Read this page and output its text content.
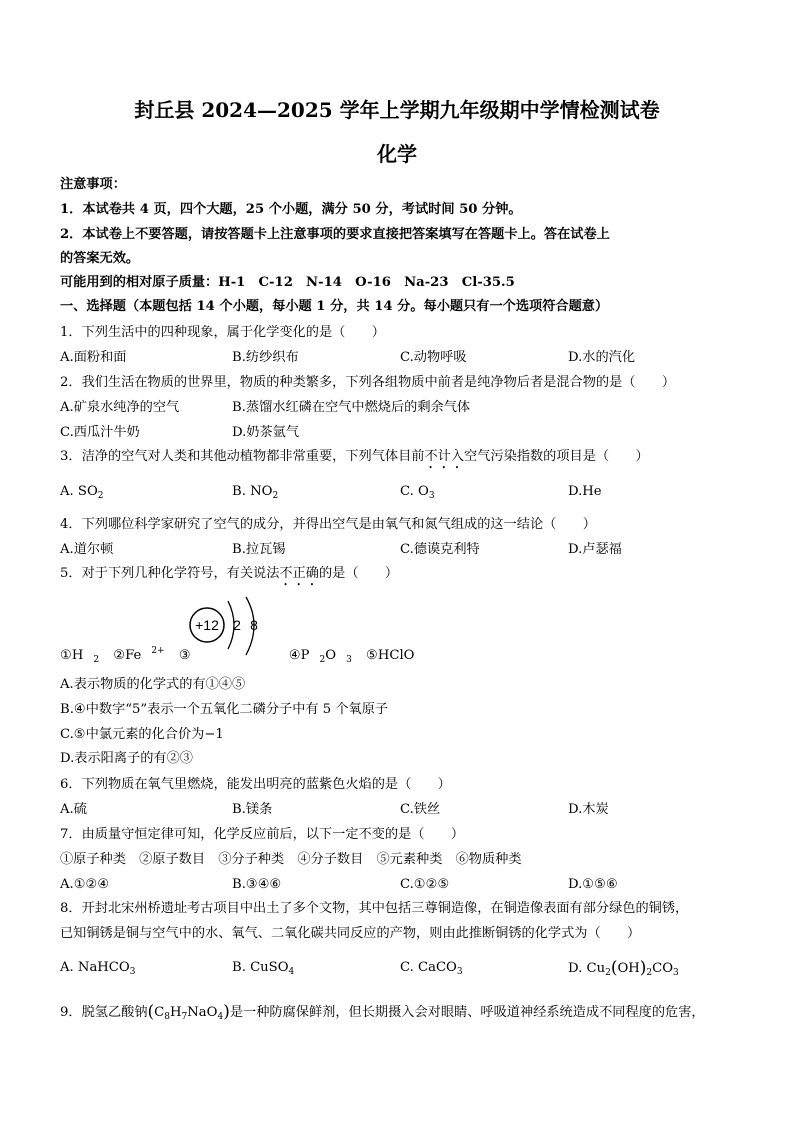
封丘县 2024—2025 学年上学期九年级期中学情检测试卷
化学
注意事项：
1．本试卷共 4 页，四个大题，25 个小题，满分 50 分，考试时间 50 分钟。
2．本试卷上不要答题，请按答题卡上注意事项的要求直接把答案填写在答题卡上。答在试卷上
的答案无效。
可能用到的相对原子质量：H-1　C-12　N-14　O-16　Na-23　Cl-35.5
一、选择题（本题包括 14 个小题，每小题 1 分，共 14 分。每小题只有一个选项符合题意）
1．下列生活中的四种现象，属于化学变化的是（　　）
A.面粉和面	B.纺纱织布	C.动物呼吸	D.水的汽化
2．我们生活在物质的世界里，物质的种类繁多，下列各组物质中前者是纯净物后者是混合物的是（　　）
A.矿泉水纯净的空气	B.蒸馏水红磷在空气中燃烧后的剩余气体
C.西瓜汁牛奶	D.奶茶氩气
3．洁净的空气对人类和其他动植物都非常重要，下列气体目前不计入空气污染指数的项目是（　　）
A. $SO_2$	B. $NO_2$	C. $O_3$	D.He
4．下列哪位科学家研究了空气的成分，并得出空气是由氧气和氮气组成的这一结论（　　）
A.道尔顿	B.拉瓦锡	C.德谟克利特	D.卢瑟福
5．对于下列几种化学符号，有关说法不正确的是（　　）
+12 2 8
①H $_2$ ②Fe $^{2+}$ ③	④P $_2$O $_3$ ⑤HClO
A.表示物质的化学式的有①④⑤
B.④中数字“5”表示一个五氧化二磷分子中有 5 个氧原子
C.⑤中氯元素的化合价为−1
D.表示阳离子的有②③
6．下列物质在氧气里燃烧，能发出明亮的蓝紫色火焰的是（　　）
A.硫	B.镁条	C.铁丝	D.木炭
7．由质量守恒定律可知，化学反应前后，以下一定不变的是（　　）
①原子种类　②原子数目　③分子种类　④分子数目　⑤元素种类　⑥物质种类
A.①②④	B.③④⑥	C.①②⑤	D.①⑤⑥
8．开封北宋州桥遗址考古项目中出土了多个文物，其中包括三尊铜造像，在铜造像表面有部分绿色的铜锈，
已知铜锈是铜与空气中的水、氧气、二氧化碳共同反应的产物，则由此推断铜锈的化学式为（　　）
A. NaHCO$_3$	B. CuSO$_4$	C. CaCO$_3$	D. $Cu_2(OH)_2CO_3$
9．脱氢乙酸钠$(C_8H_7NaO_4)$是一种防腐保鲜剂，但长期摄入会对眼睛、呼吸道神经系统造成不同程度的危害，
